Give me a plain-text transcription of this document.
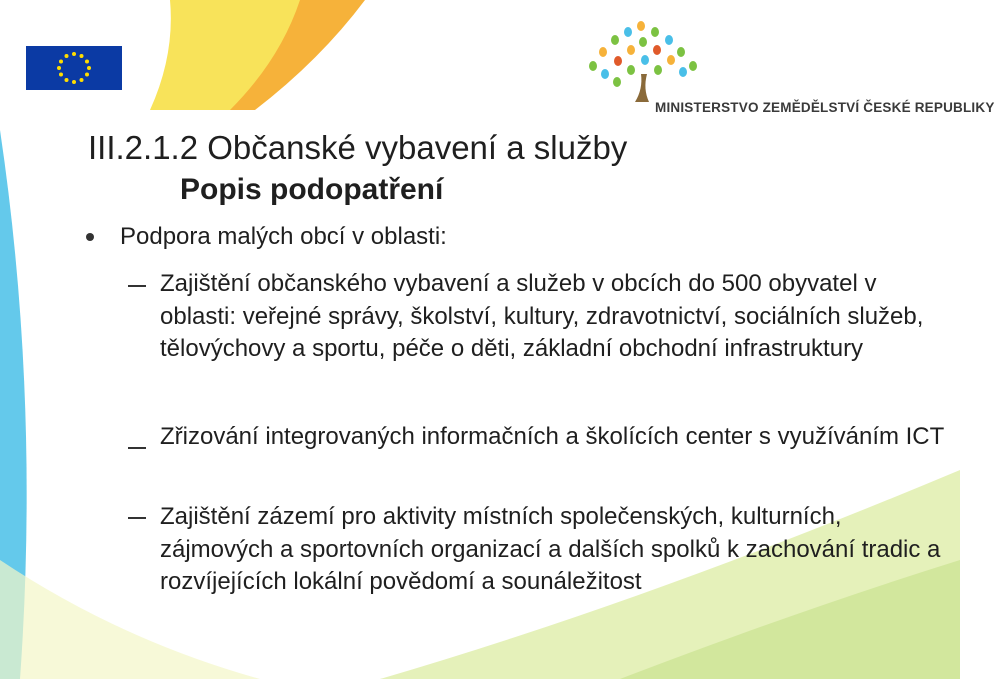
MINISTERSTVO ZEMĚDĚLSTVÍ ČESKÉ REPUBLIKY
III.2.1.2 Občanské vybavení a služby
Popis podopatření
Podpora malých obcí v oblasti:
Zajištění občanského vybavení a služeb v obcích do 500 obyvatel v oblasti: veřejné správy, školství, kultury, zdravotnictví, sociálních služeb, tělovýchovy a sportu, péče o děti, základní obchodní infrastruktury
Zřizování integrovaných informačních a školících center s využíváním ICT
Zajištění zázemí pro aktivity místních společenských, kulturních, zájmových a sportovních organizací a dalších spolků k zachování tradic a rozvíjejících lokální povědomí a sounáležitost
